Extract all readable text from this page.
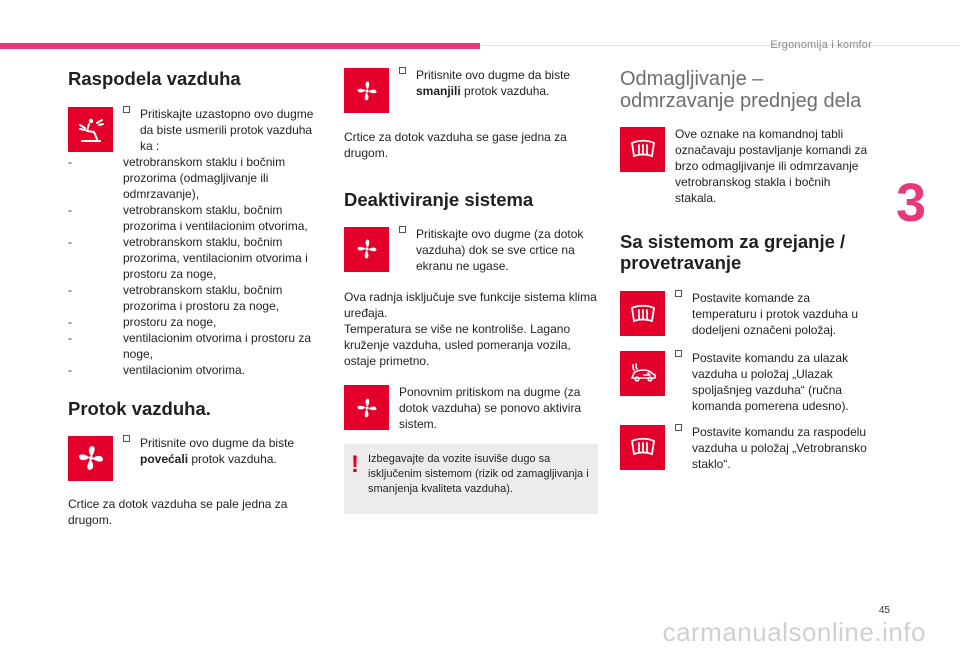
Ergonomija i komfor
3
Raspodela vazduha
Pritiskajte uzastopno ovo dugme da biste usmerili protok vazduha ka :
-	vetrobranskom staklu i bočnim prozorima (odmagljivanje ili odmrzavanje),
-	vetrobranskom staklu, bočnim prozorima i ventilacionim otvorima,
-	vetrobranskom staklu, bočnim prozorima, ventilacionim otvorima i prostoru za noge,
-	vetrobranskom staklu, bočnim prozorima i prostoru za noge,
-	prostoru za noge,
-	ventilacionim otvorima i prostoru za noge,
-	ventilacionim otvorima.
Protok vazduha.
Pritisnite ovo dugme da biste povećali protok vazduha.

Crtice za dotok vazduha se pale jedna za drugom.

Pritisnite ovo dugme da biste smanjili protok vazduha.

Crtice za dotok vazduha se gase jedna za drugom.

Deaktiviranje sistema
Pritiskajte ovo dugme (za dotok vazduha) dok se sve crtice na ekranu ne ugase.

Ova radnja isključuje sve funkcije sistema klima uređaja.

Temperatura se više ne kontroliše. Lagano kruženje vazduha, usled pomeranja vozila, ostaje primetno.

Ponovnim pritiskom na dugme (za dotok vazduha) se ponovo aktivira sistem.
! Izbegavajte da vozite isuviše dugo sa isključenim sistemom (rizik od zamagljivanja i smanjenja kvaliteta vazduha).
Odmagljivanje – odmrzavanje prednjeg dela
Ove oznake na komandnoj tabli označavaju postavljanje komandi za brzo odmagljivanje ili odmrzavanje vetrobranskog stakla i bočnih stakala.
Sa sistemom za grejanje / provetravanje
Postavite komande za temperaturu i protok vazduha u dodeljeni označeni položaj.
Postavite komandu za ulazak vazduha u položaj „Ulazak spoljašnjeg vazduha“ (ručna komanda pomerena udesno).
Postavite komandu za raspodelu vazduha u položaj „Vetrobransko staklo“.
45
carmanualsonline.info
